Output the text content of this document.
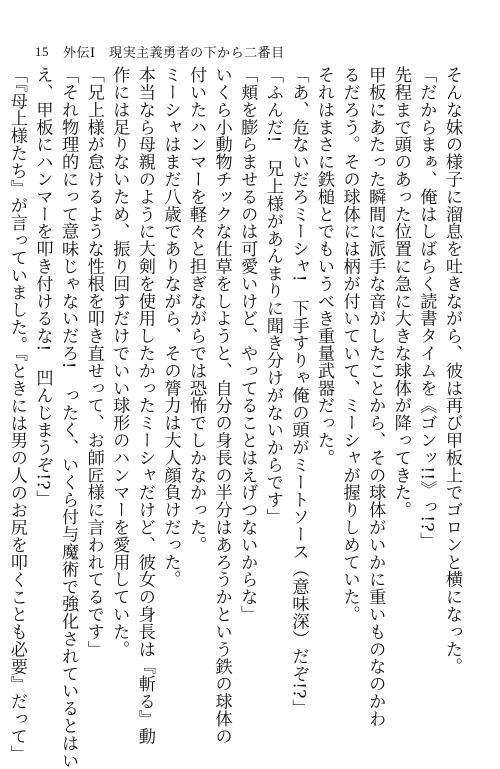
15 外伝Ⅰ　現実主義勇者の下から二番目

そんな妹の様子に溜息を吐きながら、彼は再び甲板上でゴロンと横になった。

「だからまぁ、俺はしばらく読書タイムを《ゴンッ!!》っ!?」

先程まで頭のあった位置に急に大きな球体が降ってきた。

甲板にあたった瞬間に派手な音がしたことから、その球体がいかに重いものなのかわ

るだろう。その球体には柄が付いていて、ミーシャが握りしめていた。

それはまさに鉄槌とでもいうべき重量武器だった。

「あ、危ないだろミーシャ!　下手すりゃ俺の頭がミートソース（意味深）だぞ!?」

「ふんだ!　兄上様があんまりに聞き分けがないからです」

「頬を膨らませるのは可愛いけど、やってることはえげつないからな」

いくら小動物チックな仕草をしようと、自分の身長の半分はあろうかという鉄の球体の

付いたハンマーを軽々と担ぎながらでは恐怖でしかなかった。

ミーシャはまだ八歳でありながら、その膂力は大人顔負けだった。

本当なら母親のように大剣を使用したかったミーシャだけど、彼女の身長は『斬る』動

作には足りないため、振り回すだけでいい球形のハンマーを愛用していた。

「兄上様が怠けるような性根を叩き直せって、お師匠様に言われてるです」

「それ物理的にって意味じゃないだろ!　ったく、いくら付与魔術で強化されているとはい

え、甲板にハンマーを叩き付けるな!　凹んじまうぞ!?」

「『母上様たち』が言っていました。『ときには男の人のお尻を叩くことも必要』だって」
